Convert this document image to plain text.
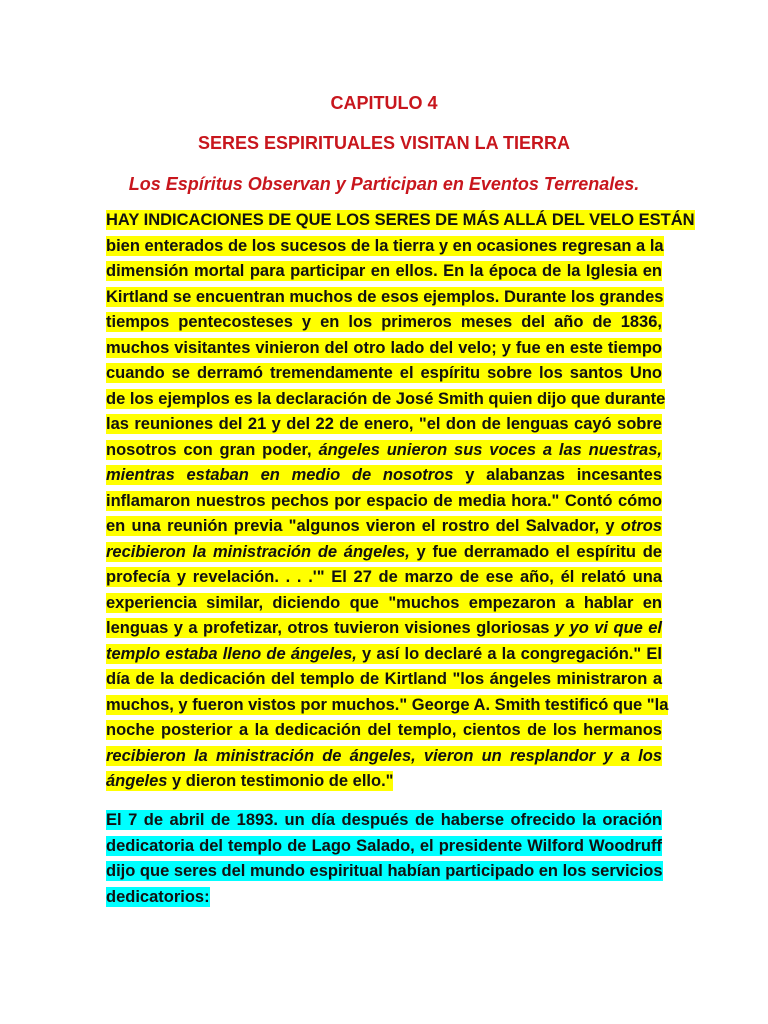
CAPITULO 4
SERES ESPIRITUALES VISITAN LA TIERRA
Los Espíritus Observan y Participan en Eventos Terrenales.
HAY INDICACIONES DE QUE LOS SERES DE MÁS ALLÁ DEL VELO ESTÁN
bien enterados de los sucesos de la tierra y en ocasiones regresan a la
dimensión mortal para participar en ellos. En la época de la Iglesia en
Kirtland se encuentran muchos de esos ejemplos. Durante los grandes
tiempos pentecosteses y en los primeros meses del año de 1836,
muchos visitantes vinieron del otro lado del velo; y fue en este tiempo
cuando se derramó tremendamente el espíritu sobre los santos Uno
de los ejemplos es la declaración de José Smith quien dijo que durante
las reuniones del 21 y del 22 de enero, "el don de lenguas cayó sobre
nosotros con gran poder, ángeles unieron sus voces a las nuestras,
mientras estaban en medio de nosotros y alabanzas incesantes
inflamaron nuestros pechos por espacio de media hora." Contó cómo
en una reunión previa "algunos vieron el rostro del Salvador, y otros
recibieron la ministración de ángeles, y fue derramado el espíritu de
profecía y revelación. . . .'" El 27 de marzo de ese año, él relató una
experiencia similar, diciendo que "muchos empezaron a hablar en
lenguas y a profetizar, otros tuvieron visiones gloriosas y yo vi que el
templo estaba lleno de ángeles, y así lo declaré a la congregación." El
día de la dedicación del templo de Kirtland "los ángeles ministraron a
muchos, y fueron vistos por muchos." George A. Smith testificó que "la
noche posterior a la dedicación del templo, cientos de los hermanos
recibieron la ministración de ángeles, vieron un resplandor y a los
ángeles y dieron testimonio de ello."
El 7 de abril de 1893. un día después de haberse ofrecido la oración
dedicatoria del templo de Lago Salado, el presidente Wilford Woodruff
dijo que seres del mundo espiritual habían participado en los servicios
dedicatorios:
